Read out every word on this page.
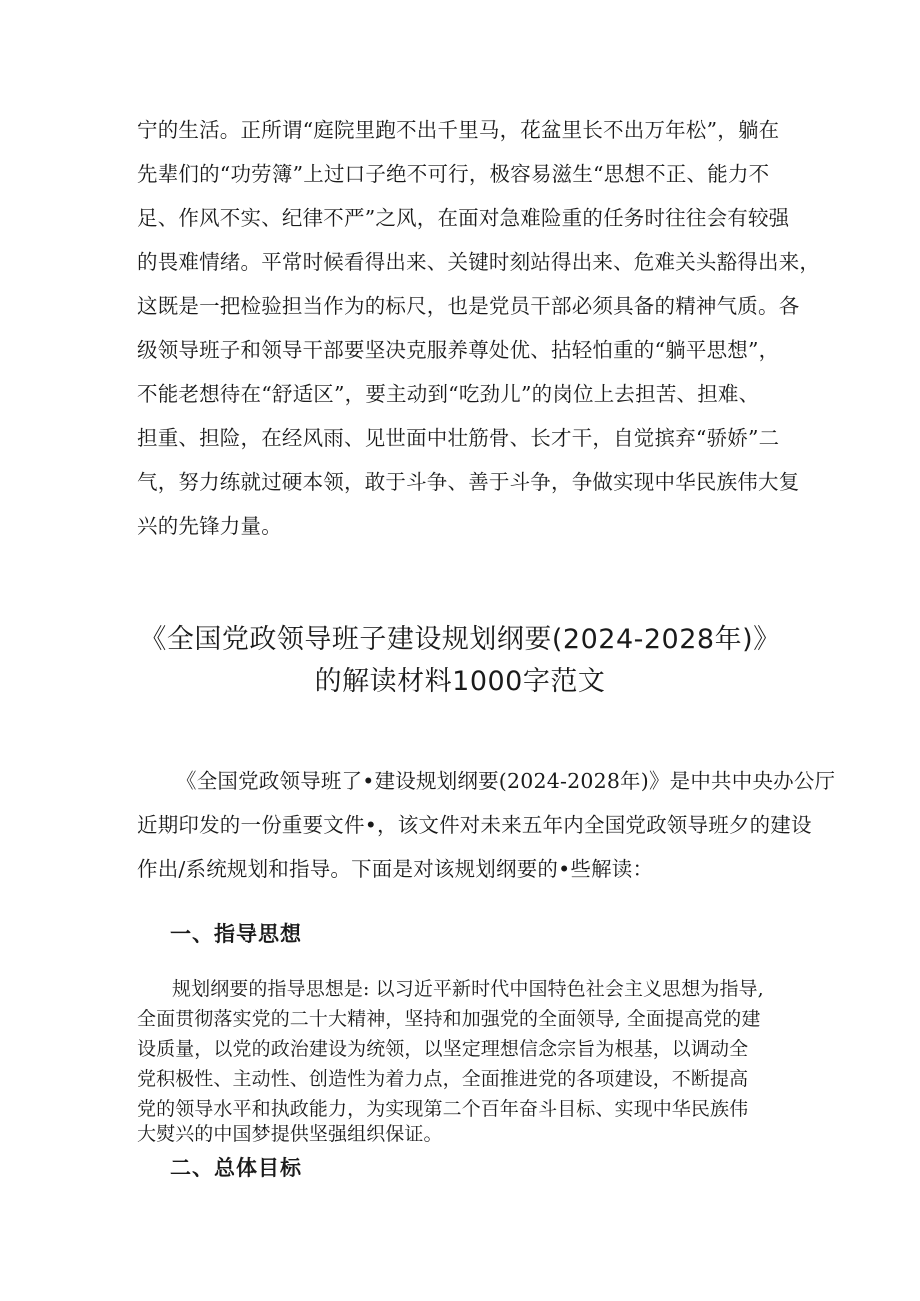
宁的生活。正所谓“庭院里跑不出千里马，花盆里长不出万年松”，躺在
先辈们的“功劳簿”上过口子绝不可行，极容易滋生“思想不正、能力不
足、作风不实、纪律不严”之风，在面对急难险重的任务时往往会有较强
的畏难情绪。平常时候看得出来、关键时刻站得出来、危难关头豁得出来，
这既是一把检验担当作为的标尺，也是党员干部必须具备的精神气质。各
级领导班子和领导干部要坚决克服养尊处优、拈轻怕重的“躺平思想”，
不能老想待在“舒适区”，要主动到“吃劲儿”的岗位上去担苦、担难、
担重、担险，在经风雨、见世面中壮筋骨、长才干，自觉摈弃“骄娇”二
气，努力练就过硬本领，敢于斗争、善于斗争，争做实现中华民族伟大复
兴的先锋力量。
《全国党政领导班子建设规划纲要(2024-2028年)》
的解读材料1000字范文
《全国党政领导班了•建设规划纲要(2024-2028年)》是中共中央办公厅
近期印发的一份重要文件•，该文件对未来五年内全国党政领导班夕的建设
作出/系统规划和指导。下面是对该规划纲要的•些解读：
一、指导思想
规划纲要的指导思想是: 以习近平新时代中国特色社会主义思想为指导,
全面贯彻落实党的二十大精神，坚持和加强党的全面领导, 全面提高党的建
设质量，以党的政治建设为统领，以坚定理想信念宗旨为根基，以调动全
党积极性、主动性、创造性为着力点，全面推进党的各项建设，不断提高
党的领导水平和执政能力，为实现第二个百年奋斗目标、实现中华民族伟
大熨兴的中国梦提供坚强组织保证。
二、总体目标
